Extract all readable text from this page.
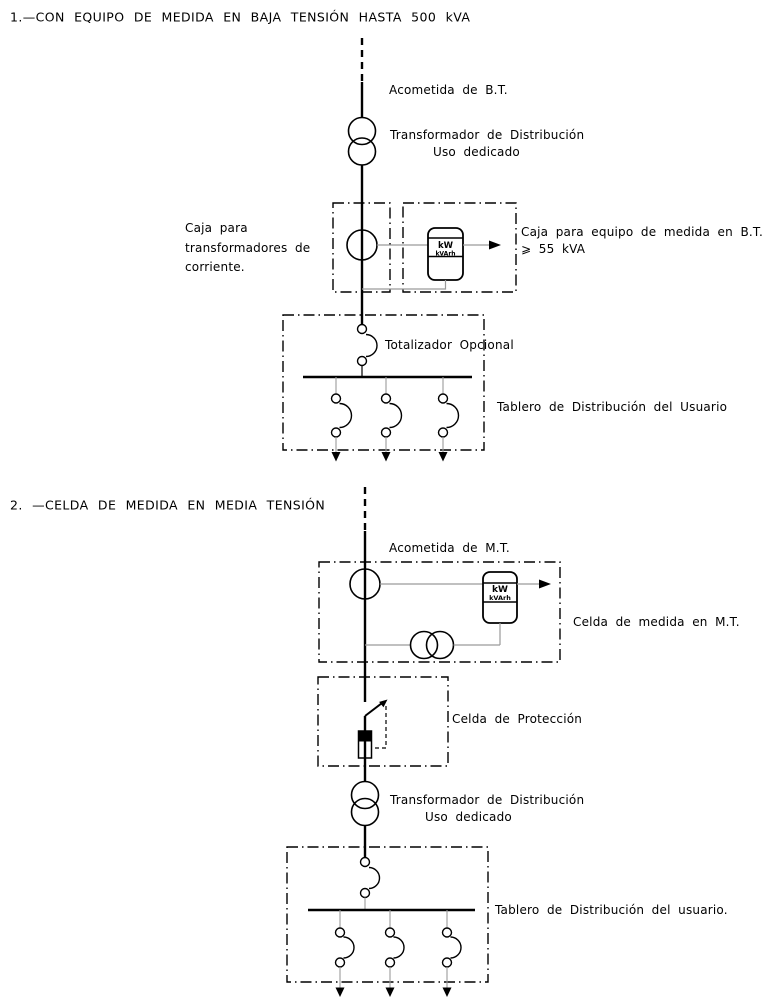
1.—CON EQUIPO DE MEDIDA EN BAJA TENSIÓN HASTA 500 kVA
Acometida de B.T.
Transformador de Distribución
Uso dedicado
Caja para
transformadores de
corriente.
Caja para equipo de medida en B.T.
⩾ 55 kVA
Totalizador Opcional
Tablero de Distribución del Usuario
kW
kVArh
2. —CELDA DE MEDIDA EN MEDIA TENSIÓN
Acometida de M.T.
Celda de medida en M.T.
Celda de Protección
Transformador de Distribución
Uso dedicado
Tablero de Distribución del usuario.
kW
kVArh
